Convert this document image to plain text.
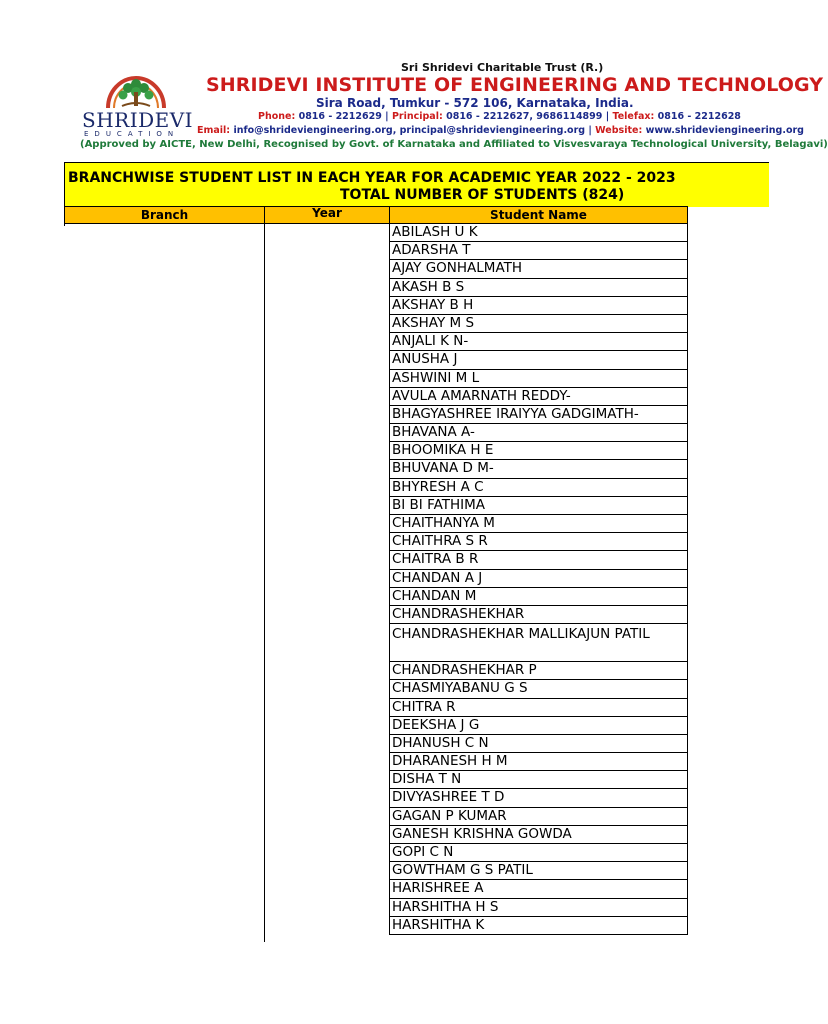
SHRIDEVI
EDUCATION
Sri Shridevi Charitable Trust (R.)
SHRIDEVI INSTITUTE OF ENGINEERING AND TECHNOLOGY
Sira Road, Tumkur - 572 106, Karnataka, India.
Phone: 0816 - 2212629 | Principal: 0816 - 2212627, 9686114899 | Telefax: 0816 - 2212628
Email: info@shrideviengineering.org, principal@shrideviengineering.org | Website: www.shrideviengineering.org
(Approved by AICTE, New Delhi, Recognised by Govt. of Karnataka and Affiliated to Visvesvaraya Technological University, Belagavi)
BRANCHWISE STUDENT LIST IN EACH YEAR FOR ACADEMIC YEAR 2022 - 2023
TOTAL NUMBER OF STUDENTS (824)
Branch	Year	Student Name
ABILASH U K
ADARSHA T
AJAY GONHALMATH
AKASH B S
AKSHAY B H
AKSHAY M S
ANJALI K N-
ANUSHA J
ASHWINI M L
AVULA AMARNATH REDDY-
BHAGYASHREE IRAIYYA GADGIMATH-
BHAVANA A-
BHOOMIKA H E
BHUVANA D M-
BHYRESH A C
BI BI FATHIMA
CHAITHANYA M
CHAITHRA S R
CHAITRA B R
CHANDAN A J
CHANDAN M
CHANDRASHEKHAR
CHANDRASHEKHAR MALLIKAJUN PATIL
CHANDRASHEKHAR P
CHASMIYABANU G S
CHITRA R
DEEKSHA J G
DHANUSH C N
DHARANESH H M
DISHA T N
DIVYASHREE T D
GAGAN P KUMAR
GANESH KRISHNA GOWDA
GOPI C N
GOWTHAM G S PATIL
HARISHREE A
HARSHITHA H S
HARSHITHA K
